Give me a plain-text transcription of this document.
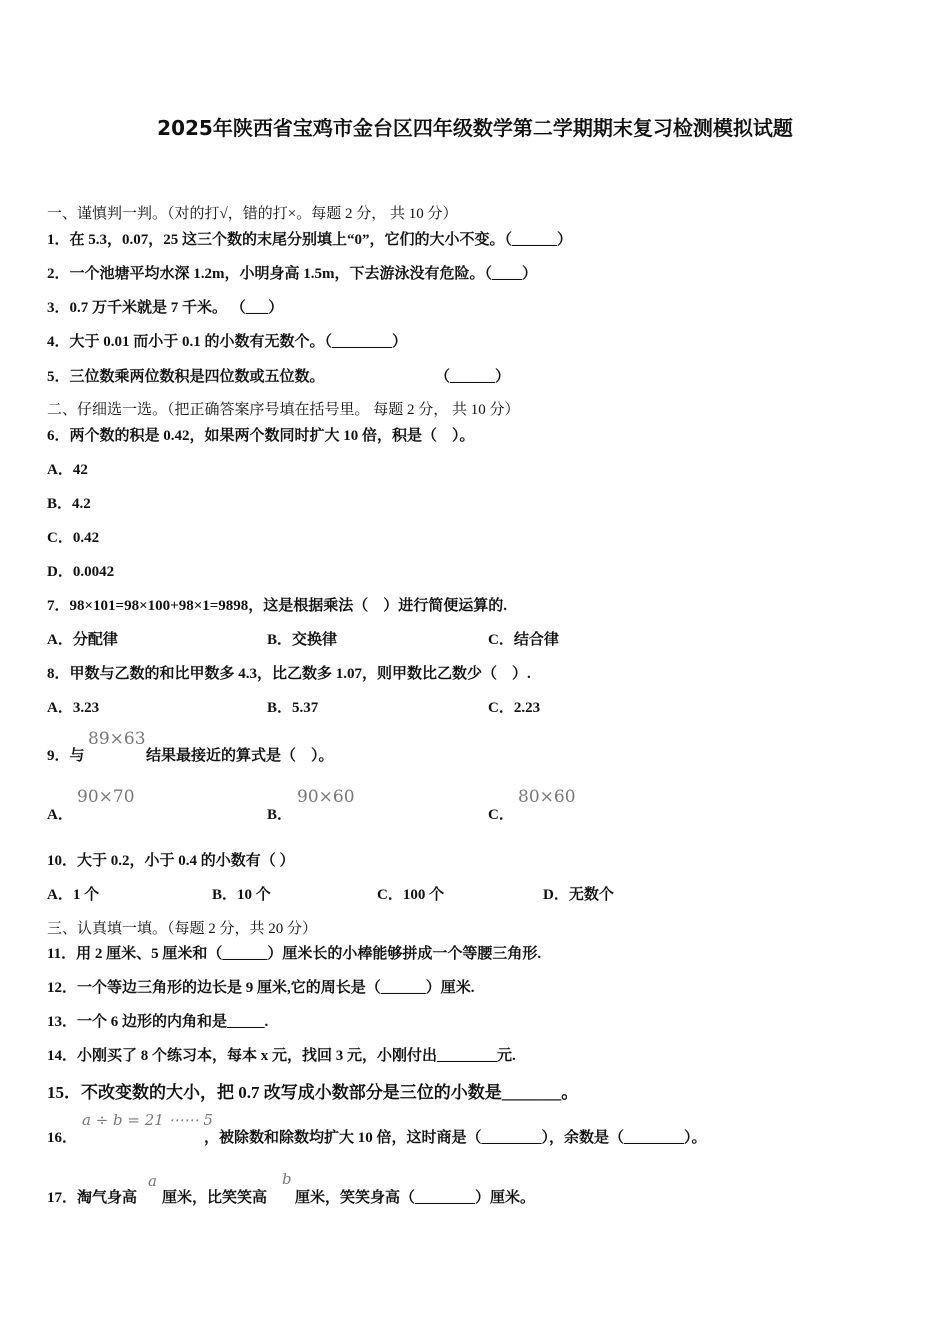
2025年陕西省宝鸡市金台区四年级数学第二学期期末复习检测模拟试题
一、谨慎判一判。（对的打√，错的打×。每题 2 分， 共 10 分）
1．在 5.3，0.07，25 这三个数的末尾分别填上“0”，它们的大小不变。（______）
2．一个池塘平均水深 1.2m，小明身高 1.5m，下去游泳没有危险。（____）
3．0.7 万千米就是 7 千米。 （___）
4．大于 0.01 而小于 0.1 的小数有无数个。（________）
5．三位数乘两位数积是四位数或五位数。	（______）
二、仔细选一选。（把正确答案序号填在括号里。 每题 2 分， 共 10 分）
6．两个数的积是 0.42，如果两个数同时扩大 10 倍，积是（　）。
A．42
B．4.2
C．0.42
D．0.0042
7．98×101=98×100+98×1=9898，这是根据乘法（　）进行简便运算的.
A．分配律	B．交换律	C．结合律
8．甲数与乙数的和比甲数多 4.3，比乙数多 1.07，则甲数比乙数少（　）.
A．3.23	B．5.37	C．2.23
9．与
89×63
结果最接近的算式是（　）。
A．
90×70
B．
90×60
C．
80×60
10．大于 0.2，小于 0.4 的小数有（ ）
A．1 个	B．10 个	C．100 个	D．无数个
三、认真填一填。（每题 2 分，共 20 分）
11．用 2 厘米、5 厘米和（______）厘米长的小棒能够拼成一个等腰三角形.
12．一个等边三角形的边长是 9 厘米,它的周长是（______）厘米.
13．一个 6 边形的内角和是_____.
14．小刚买了 8 个练习本，每本 x 元，找回 3 元，小刚付出________元.
15．不改变数的大小，把 0.7 改写成小数部分是三位的小数是_______。
16．
a ÷ b = 21 ⋯⋯ 5
，被除数和除数均扩大 10 倍，这时商是（________），余数是（________）。
17．淘气身高
a
厘米，比笑笑高
b
厘米，笑笑身高（________）厘米。
